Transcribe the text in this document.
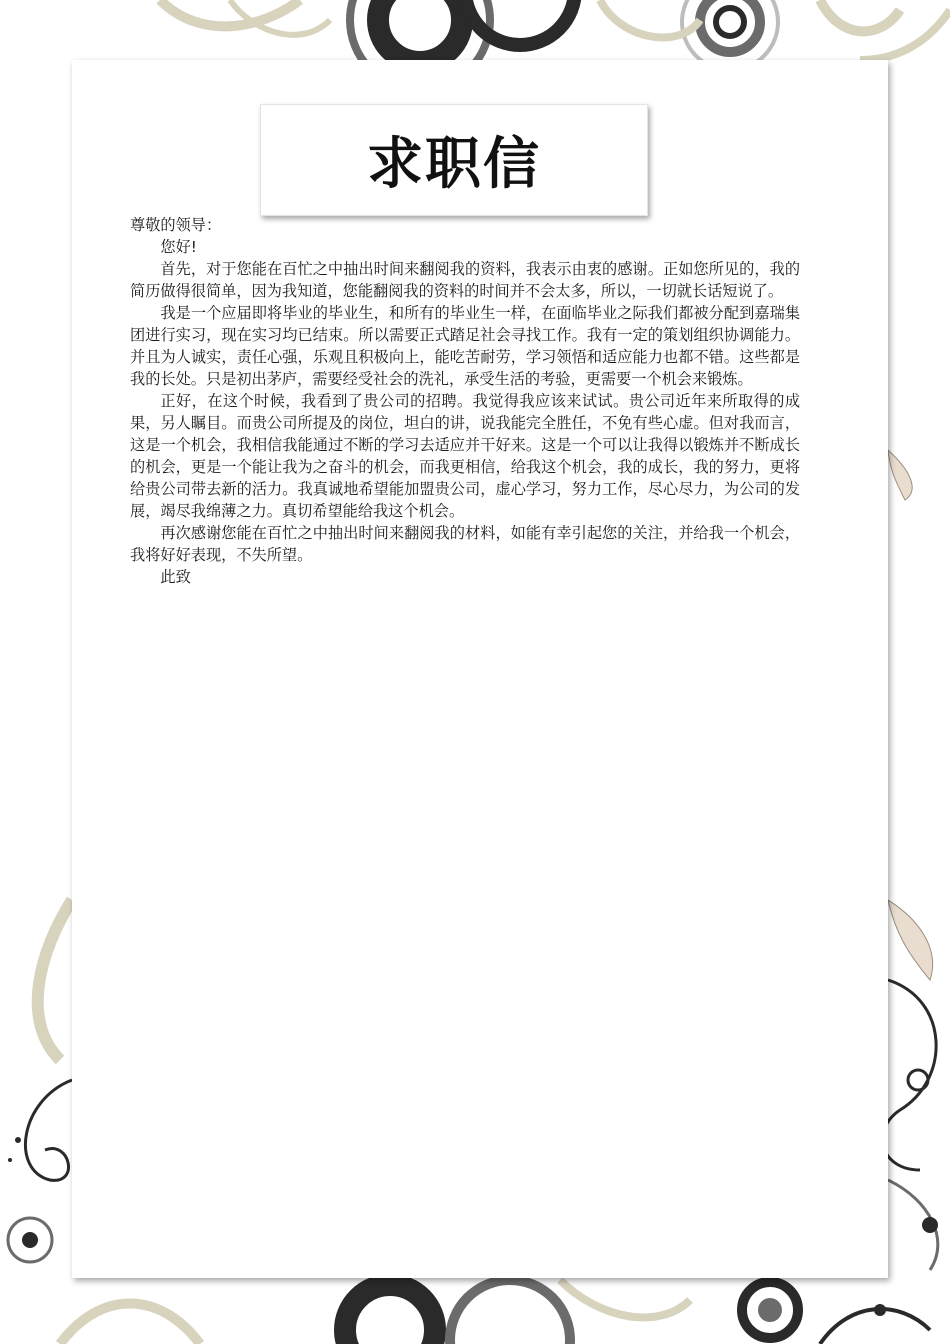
求职信

尊敬的领导：

您好!

首先，对于您能在百忙之中抽出时间来翻阅我的资料，我表示由衷的感谢。正如您所见的，我的简历做得很简单，因为我知道，您能翻阅我的资料的时间并不会太多，所以，一切就长话短说了。

我是一个应届即将毕业的毕业生，和所有的毕业生一样，在面临毕业之际我们都被分配到嘉瑞集团进行实习，现在实习均已结束。所以需要正式踏足社会寻找工作。我有一定的策划组织协调能力。并且为人诚实，责任心强，乐观且积极向上，能吃苦耐劳，学习领悟和适应能力也都不错。这些都是我的长处。只是初出茅庐，需要经受社会的洗礼，承受生活的考验，更需要一个机会来锻炼。

正好，在这个时候，我看到了贵公司的招聘。我觉得我应该来试试。贵公司近年来所取得的成果，另人瞩目。而贵公司所提及的岗位，坦白的讲，说我能完全胜任，不免有些心虚。但对我而言，这是一个机会，我相信我能通过不断的学习去适应并干好来。这是一个可以让我得以锻炼并不断成长的机会，更是一个能让我为之奋斗的机会，而我更相信，给我这个机会，我的成长，我的努力，更将给贵公司带去新的活力。我真诚地希望能加盟贵公司，虚心学习，努力工作，尽心尽力，为公司的发展，竭尽我绵薄之力。真切希望能给我这个机会。

再次感谢您能在百忙之中抽出时间来翻阅我的材料，如能有幸引起您的关注，并给我一个机会，我将好好表现，不失所望。

此致
